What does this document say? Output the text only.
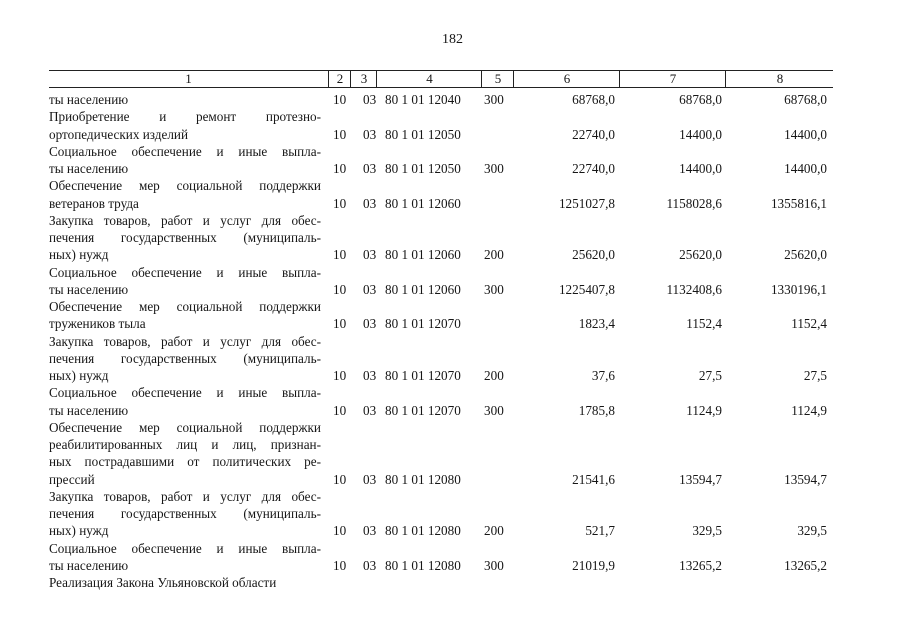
182
1	2	3	4	5	6	7	8
ты населению	10 03 80 1 01 12040 300	68768,0	68768,0	68768,0
Приобретение и ремонт протезно-
ортопедических изделий	10 03 80 1 01 12050	22740,0	14400,0	14400,0
Социальное обеспечение и иные выпла-
ты населению	10 03 80 1 01 12050 300	22740,0	14400,0	14400,0
Обеспечение мер социальной поддержки
ветеранов труда	10 03 80 1 01 12060	1251027,8	1158028,6	1355816,1
Закупка товаров, работ и услуг для обес-
печения государственных (муниципаль-
ных) нужд	10 03 80 1 01 12060 200	25620,0	25620,0	25620,0
Социальное обеспечение и иные выпла-
ты населению	10 03 80 1 01 12060 300	1225407,8	1132408,6	1330196,1
Обеспечение мер социальной поддержки
тружеников тыла	10 03 80 1 01 12070	1823,4	1152,4	1152,4
Закупка товаров, работ и услуг для обес-
печения государственных (муниципаль-
ных) нужд	10 03 80 1 01 12070 200	37,6	27,5	27,5
Социальное обеспечение и иные выпла-
ты населению	10 03 80 1 01 12070 300	1785,8	1124,9	1124,9
Обеспечение мер социальной поддержки
реабилитированных лиц и лиц, признан-
ных пострадавшими от политических ре-
прессий	10 03 80 1 01 12080	21541,6	13594,7	13594,7
Закупка товаров, работ и услуг для обес-
печения государственных (муниципаль-
ных) нужд	10 03 80 1 01 12080 200	521,7	329,5	329,5
Социальное обеспечение и иные выпла-
ты населению	10 03 80 1 01 12080 300	21019,9	13265,2	13265,2
Реализация Закона Ульяновской области
